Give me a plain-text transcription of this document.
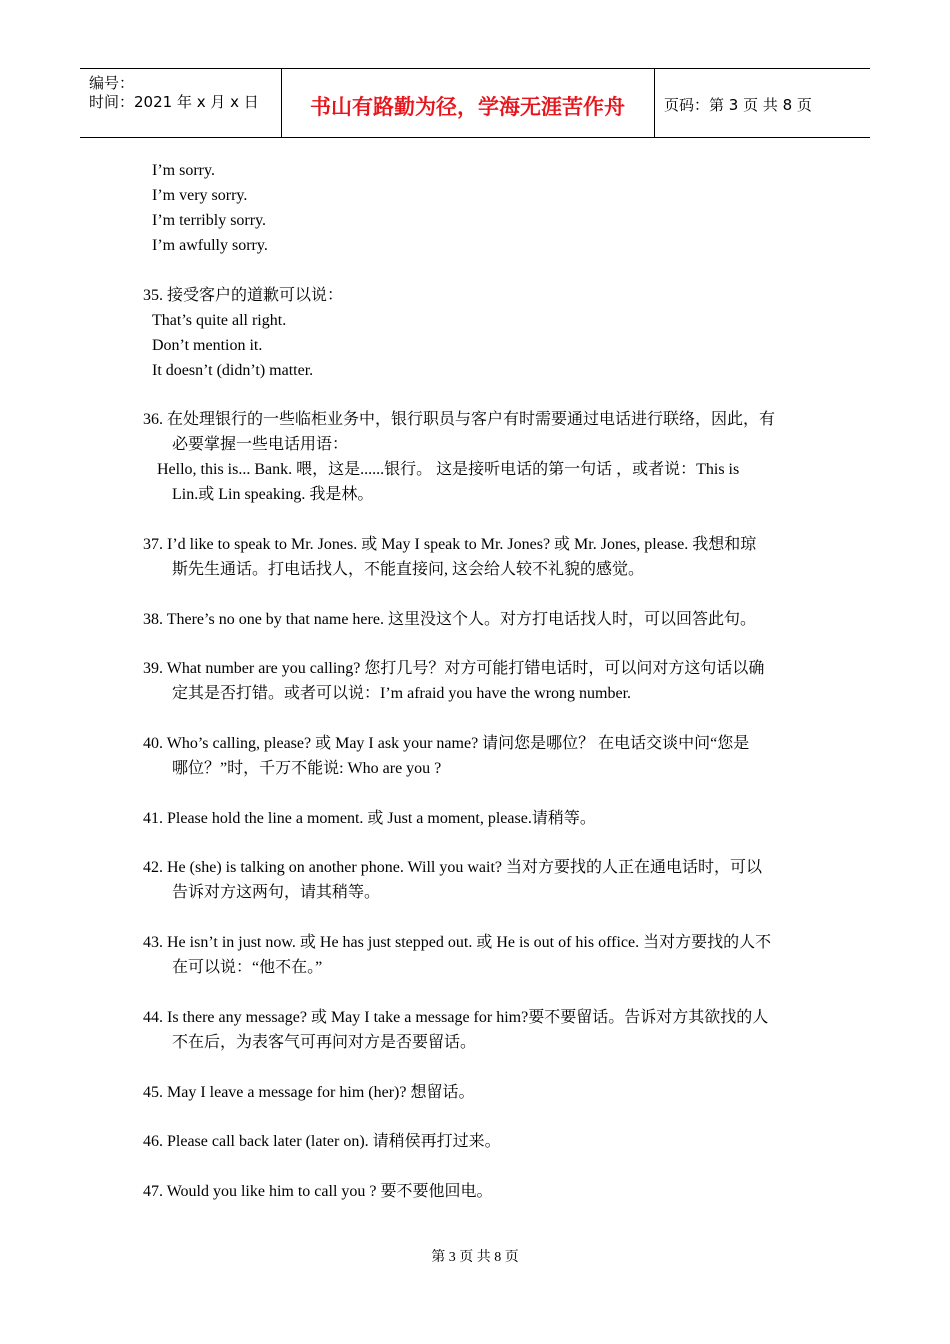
编号：
时间：2021 年 x 月 x 日	书山有路勤为径，学海无涯苦作舟	页码：第 3 页 共 8 页
I’m sorry.
I’m very sorry.
I’m terribly sorry.
I’m awfully sorry.
35. 接受客户的道歉可以说：
That’s quite all right.
Don’t mention it.
It doesn’t (didn’t) matter.
36. 在处理银行的一些临柜业务中，银行职员与客户有时需要通过电话进行联络，因此，有
必要掌握一些电话用语：
Hello, this is... Bank. 喂，这是......银行。 这是接听电话的第一句话 ，或者说：This is
Lin.或 Lin speaking. 我是林。
37. I’d like to speak to Mr. Jones. 或 May I speak to Mr. Jones? 或 Mr. Jones, please. 我想和琼
斯先生通话。打电话找人，不能直接问, 这会给人较不礼貌的感觉。
38. There’s no one by that name here. 这里没这个人。对方打电话找人时，可以回答此句。
39. What number are you calling? 您打几号？对方可能打错电话时，可以问对方这句话以确
定其是否打错。或者可以说：I’m afraid you have the wrong number.
40. Who’s calling, please? 或 May I ask your name? 请问您是哪位？ 在电话交谈中问“您是
哪位？”时，千万不能说: Who are you ?
41. Please hold the line a moment. 或 Just a moment, please.请稍等。
42. He (she) is talking on another phone. Will you wait? 当对方要找的人正在通电话时，可以
告诉对方这两句，请其稍等。
43. He isn’t in just now. 或 He has just stepped out. 或 He is out of his office. 当对方要找的人不
在可以说：“他不在。”
44. Is there any message? 或 May I take a message for him?要不要留话。告诉对方其欲找的人
不在后，为表客气可再问对方是否要留话。
45. May I leave a message for him (her)? 想留话。
46. Please call back later (later on). 请稍侯再打过来。
47. Would you like him to call you ? 要不要他回电。
第 3 页 共 8 页
